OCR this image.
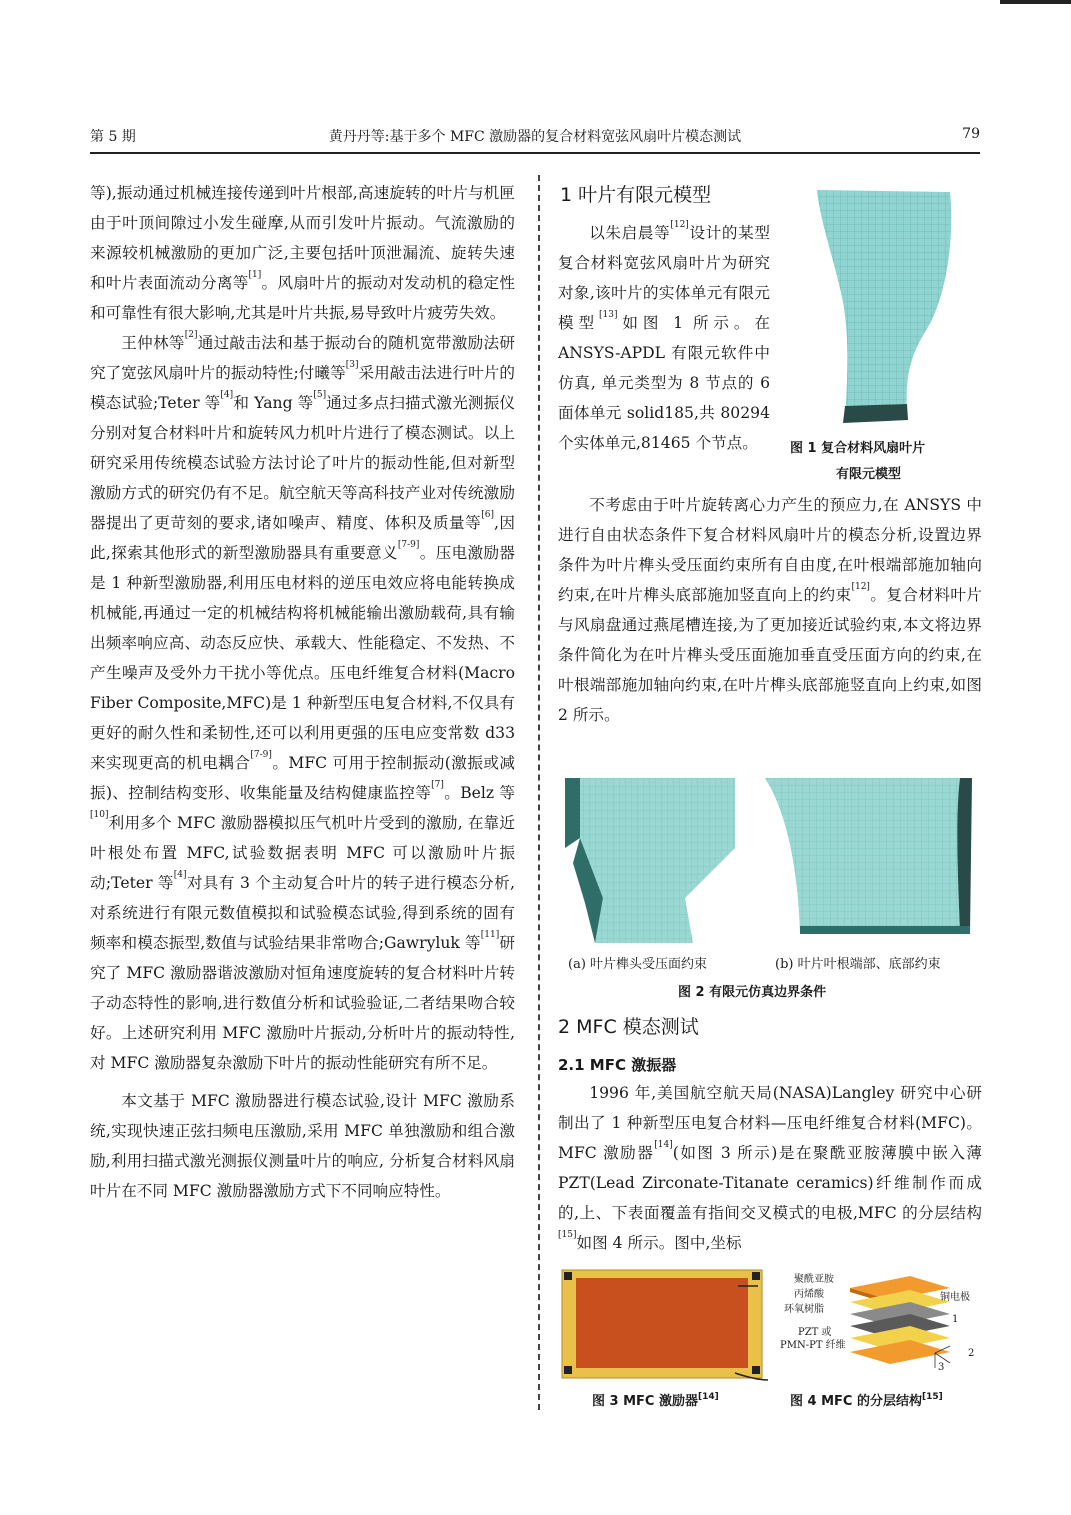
第 5 期	黄丹丹等:基于多个 MFC 激励器的复合材料宽弦风扇叶片模态测试	79

等),振动通过机械连接传递到叶片根部,高速旋转的叶片与机匣由于叶顶间隙过小发生碰摩,从而引发叶片振动。气流激励的来源较机械激励的更加广泛,主要包括叶顶泄漏流、旋转失速和叶片表面流动分离等[1]。风扇叶片的振动对发动机的稳定性和可靠性有很大影响,尤其是叶片共振,易导致叶片疲劳失效。

王仲林等[2]通过敲击法和基于振动台的随机宽带激励法研究了宽弦风扇叶片的振动特性;付曦等[3]采用敲击法进行叶片的模态试验;Teter 等[4]和 Yang 等[5]通过多点扫描式激光测振仪分别对复合材料叶片和旋转风力机叶片进行了模态测试。以上研究采用传统模态试验方法讨论了叶片的振动性能,但对新型激励方式的研究仍有不足。航空航天等高科技产业对传统激励器提出了更苛刻的要求,诸如噪声、精度、体积及质量等[6],因此,探索其他形式的新型激励器具有重要意义[7-9]。压电激励器是 1 种新型激励器,利用压电材料的逆压电效应将电能转换成机械能,再通过一定的机械结构将机械能输出激励载荷,具有输出频率响应高、动态反应快、承载大、性能稳定、不发热、不产生噪声及受外力干扰小等优点。压电纤维复合材料(Macro Fiber Composite,MFC)是 1 种新型压电复合材料,不仅具有更好的耐久性和柔韧性,还可以利用更强的压电应变常数 d33 来实现更高的机电耦合[7-9]。MFC 可用于控制振动(激振或减振)、控制结构变形、收集能量及结构健康监控等[7]。Belz 等[10]利用多个 MFC 激励器模拟压气机叶片受到的激励, 在靠近叶根处布置 MFC,试验数据表明 MFC 可以激励叶片振动;Teter 等[4]对具有 3 个主动复合叶片的转子进行模态分析, 对系统进行有限元数值模拟和试验模态试验,得到系统的固有频率和模态振型,数值与试验结果非常吻合;Gawryluk 等[11]研究了 MFC 激励器谐波激励对恒角速度旋转的复合材料叶片转子动态特性的影响,进行数值分析和试验验证,二者结果吻合较好。上述研究利用 MFC 激励叶片振动,分析叶片的振动特性, 对 MFC 激励器复杂激励下叶片的振动性能研究有所不足。

本文基于 MFC 激励器进行模态试验,设计 MFC 激励系统,实现快速正弦扫频电压激励,采用 MFC 单独激励和组合激励,利用扫描式激光测振仪测量叶片的响应, 分析复合材料风扇叶片在不同 MFC 激励器激励方式下不同响应特性。

1 叶片有限元模型

以朱启晨等[12]设计的某型复合材料宽弦风扇叶片为研究对象,该叶片的实体单元有限元模型[13]如图 1 所示。在 ANSYS-APDL 有限元软件中仿真, 单元类型为 8 节点的 6 面体单元 solid185,共 80294 个实体单元,81465 个节点。	图 1 复合材料风扇叶片
有限元模型

不考虑由于叶片旋转离心力产生的预应力,在 ANSYS 中进行自由状态条件下复合材料风扇叶片的模态分析,设置边界条件为叶片榫头受压面约束所有自由度,在叶根端部施加轴向约束,在叶片榫头底部施加竖直向上的约束[12]。复合材料叶片与风扇盘通过燕尾槽连接,为了更加接近试验约束,本文将边界条件简化为在叶片榫头受压面施加垂直受压面方向的约束,在叶根端部施加轴向约束,在叶片榫头底部施竖直向上约束,如图 2 所示。

(a) 叶片榫头受压面约束	(b) 叶片叶根端部、底部约束
图 2 有限元仿真边界条件
2 MFC 模态测试
2.1 MFC 激振器

1996 年,美国航空航天局(NASA)Langley 研究中心研制出了 1 种新型压电复合材料—压电纤维复合材料(MFC)。MFC 激励器[14](如图 3 所示)是在聚酰亚胺薄膜中嵌入薄 PZT(Lead Zirconate-Titanate ceramics)纤维制作而成的,上、下表面覆盖有指间交叉模式的电极,MFC 的分层结构[15]如图 4 所示。图中,坐标

聚酰亚胺
丙烯酸
环氧树脂
PZT 或
PMN-PT 纤维
铜电极
1
2
3
图 3 MFC 激励器[14]	图 4 MFC 的分层结构[15]
